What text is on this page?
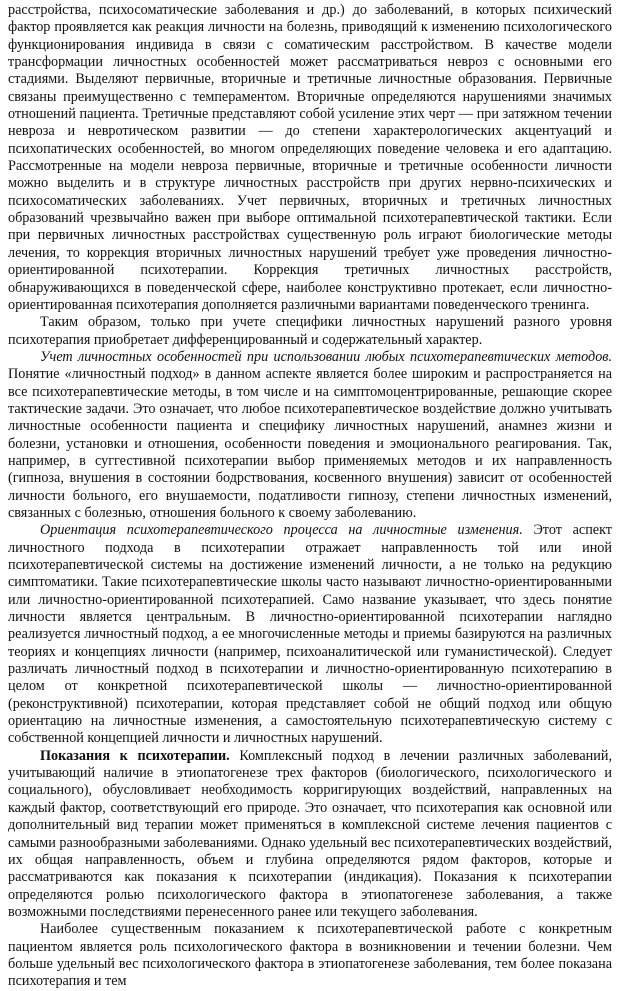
расстройства, психосоматические заболевания и др.) до заболеваний, в которых психический фактор проявляется как реакция личности на болезнь, приводящий к изменению психологического функционирования индивида в связи с соматическим расстройством. В качестве модели трансформации личностных особенностей может рассматриваться невроз с основными его стадиями. Выделяют первичные, вторичные и третичные личностные образования. Первичные связаны преимущественно с темпераментом. Вторичные определяются нарушениями значимых отношений пациента. Третичные представляют собой усиление этих черт — при затяжном течении невроза и невротическом развитии — до степени характерологических акцентуаций и психопатических особенностей, во многом определяющих поведение человека и его адаптацию. Рассмотренные на модели невроза первичные, вторичные и третичные особенности личности можно выделить и в структуре личностных расстройств при других нервно-психических и психосоматических заболеваниях. Учет первичных, вторичных и третичных личностных образований чрезвычайно важен при выборе оптимальной психотерапевтической тактики. Если при первичных личностных расстройствах существенную роль играют биологические методы лечения, то коррекция вторичных личностных нарушений требует уже проведения личностно-ориентированной психотерапии. Коррекция третичных личностных расстройств, обнаруживающихся в поведенческой сфере, наиболее конструктивно протекает, если личностно-ориентированная психотерапия дополняется различными вариантами поведенческого тренинга.

Таким образом, только при учете специфики личностных нарушений разного уровня психотерапия приобретает дифференцированный и содержательный характер.

Учет личностных особенностей при использовании любых психотерапевтических методов. Понятие «личностный подход» в данном аспекте является более широким и распространяется на все психотерапевтические методы, в том числе и на симптомоцентрированные, решающие скорее тактические задачи. Это означает, что любое психотерапевтическое воздействие должно учитывать личностные особенности пациента и специфику личностных нарушений, анамнез жизни и болезни, установки и отношения, особенности поведения и эмоционального реагирования. Так, например, в суггестивной психотерапии выбор применяемых методов и их направленность (гипноза, внушения в состоянии бодрствования, косвенного внушения) зависит от особенностей личности больного, его внушаемости, податливости гипнозу, степени личностных изменений, связанных с болезнью, отношения больного к своему заболеванию.

Ориентация психотерапевтического процесса на личностные изменения. Этот аспект личностного подхода в психотерапии отражает направленность той или иной психотерапевтической системы на достижение изменений личности, а не только на редукцию симптоматики. Такие психотерапевтические школы часто называют личностно-ориентированными или личностно-ориентированной психотерапией. Само название указывает, что здесь понятие личности является центральным. В личностно-ориентированной психотерапии наглядно реализуется личностный подход, а ее многочисленные методы и приемы базируются на различных теориях и концепциях личности (например, психоаналитической или гуманистической). Следует различать личностный подход в психотерапии и личностно-ориентированную психотерапию в целом от конкретной психотерапевтической школы — личностно-ориентированной (реконструктивной) психотерапии, которая представляет собой не общий подход или общую ориентацию на личностные изменения, а самостоятельную психотерапевтическую систему с собственной концепцией личности и личностных нарушений.

Показания к психотерапии. Комплексный подход в лечении различных заболеваний, учитывающий наличие в этиопатогенезе трех факторов (биологического, психологического и социального), обусловливает необходимость корригирующих воздействий, направленных на каждый фактор, соответствующий его природе. Это означает, что психотерапия как основной или дополнительный вид терапии может применяться в комплексной системе лечения пациентов с самыми разнообразными заболеваниями. Однако удельный вес психотерапевтических воздействий, их общая направленность, объем и глубина определяются рядом факторов, которые и рассматриваются как показания к психотерапии (индикация). Показания к психотерапии определяются ролью психологического фактора в этиопатогенезе заболевания, а также возможными последствиями перенесенного ранее или текущего заболевания.

Наиболее существенным показанием к психотерапевтической работе с конкретным пациентом является роль психологического фактора в возникновении и течении болезни. Чем больше удельный вес психологического фактора в этиопатогенезе заболевания, тем более показана психотерапия и тем
